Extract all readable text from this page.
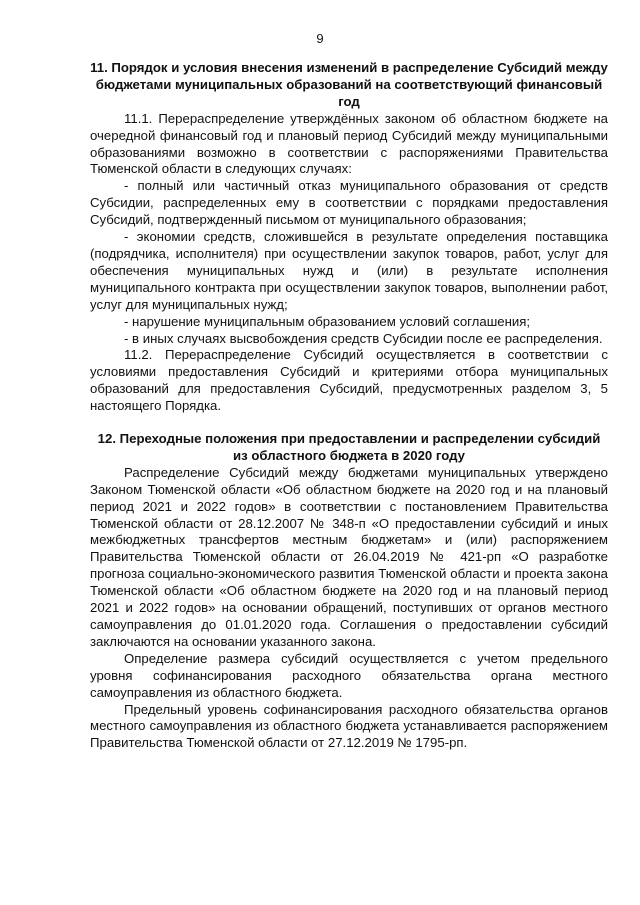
9
11. Порядок и условия внесения изменений в распределение Субсидий между бюджетами муниципальных образований на соответствующий финансовый год

11.1. Перераспределение утверждённых законом об областном бюджете на очередной финансовый год и плановый период Субсидий между муниципальными образованиями возможно в соответствии с распоряжениями Правительства Тюменской области в следующих случаях:

- полный или частичный отказ муниципального образования от средств Субсидии, распределенных ему в соответствии с порядками предоставления Субсидий, подтвержденный письмом от муниципального образования;

- экономии средств, сложившейся в результате определения поставщика (подрядчика, исполнителя) при осуществлении закупок товаров, работ, услуг для обеспечения муниципальных нужд и (или) в результате исполнения муниципального контракта при осуществлении закупок товаров, выполнении работ, услуг для муниципальных нужд;

- нарушение муниципальным образованием условий соглашения;

- в иных случаях высвобождения средств Субсидии после ее распределения.

11.2. Перераспределение Субсидий осуществляется в соответствии с условиями предоставления Субсидий и критериями отбора муниципальных образований для предоставления Субсидий, предусмотренных разделом 3, 5 настоящего Порядка.

12. Переходные положения при предоставлении и распределении субсидий из областного бюджета в 2020 году

Распределение Субсидий между бюджетами муниципальных утверждено Законом Тюменской области «Об областном бюджете на 2020 год и на плановый период 2021 и 2022 годов» в соответствии с постановлением Правительства Тюменской области от 28.12.2007 № 348-п «О предоставлении субсидий и иных межбюджетных трансфертов местным бюджетам» и (или) распоряжением Правительства Тюменской области от 26.04.2019 № 421-рп «О разработке прогноза социально-экономического развития Тюменской области и проекта закона Тюменской области «Об областном бюджете на 2020 год и на плановый период 2021 и 2022 годов» на основании обращений, поступивших от органов местного самоуправления до 01.01.2020 года. Соглашения о предоставлении субсидий заключаются на основании указанного закона.

Определение размера субсидий осуществляется с учетом предельного уровня софинансирования расходного обязательства органа местного самоуправления из областного бюджета.

Предельный уровень софинансирования расходного обязательства органов местного самоуправления из областного бюджета устанавливается распоряжением Правительства Тюменской области от 27.12.2019 № 1795-рп.
